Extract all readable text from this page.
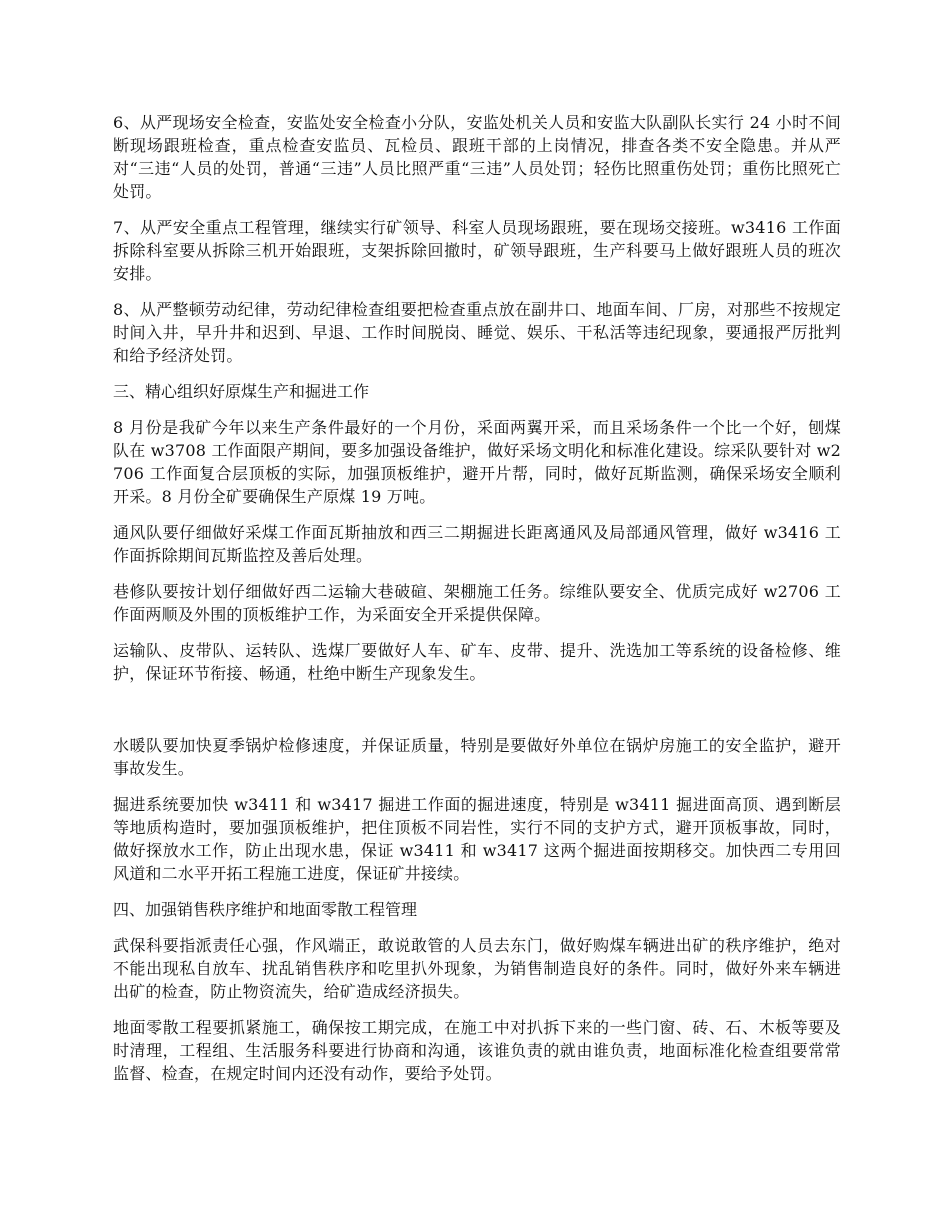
6、从严现场安全检查，安监处安全检查小分队，安监处机关人员和安监大队副队长实行 24 小时不间断现场跟班检查，重点检查安监员、瓦检员、跟班干部的上岗情况，排查各类不安全隐患。并从严对“三违“人员的处罚，普通“三违”人员比照严重“三违”人员处罚；轻伤比照重伤处罚；重伤比照死亡处罚。

7、从严安全重点工程管理，继续实行矿领导、科室人员现场跟班，要在现场交接班。w3416 工作面拆除科室要从拆除三机开始跟班，支架拆除回撤时，矿领导跟班，生产科要马上做好跟班人员的班次安排。

8、从严整顿劳动纪律，劳动纪律检查组要把检查重点放在副井口、地面车间、厂房，对那些不按规定时间入井，早升井和迟到、早退、工作时间脱岗、睡觉、娱乐、干私活等违纪现象，要通报严厉批判和给予经济处罚。

三、精心组织好原煤生产和掘进工作

8 月份是我矿今年以来生产条件最好的一个月份，采面两翼开采，而且采场条件一个比一个好，刨煤队在 w3708 工作面限产期间，要多加强设备维护，做好采场文明化和标准化建设。综采队要针对 w2706 工作面复合层顶板的实际，加强顶板维护，避开片帮，同时，做好瓦斯监测，确保采场安全顺利开采。8 月份全矿要确保生产原煤 19 万吨。

通风队要仔细做好采煤工作面瓦斯抽放和西三二期掘进长距离通风及局部通风管理，做好 w3416 工作面拆除期间瓦斯监控及善后处理。

巷修队要按计划仔细做好西二运输大巷破碹、架棚施工任务。综维队要安全、优质完成好 w2706 工作面两顺及外围的顶板维护工作，为采面安全开采提供保障。

运输队、皮带队、运转队、选煤厂要做好人车、矿车、皮带、提升、洗选加工等系统的设备检修、维护，保证环节衔接、畅通，杜绝中断生产现象发生。

水暖队要加快夏季锅炉检修速度，并保证质量，特别是要做好外单位在锅炉房施工的安全监护，避开事故发生。

掘进系统要加快 w3411 和 w3417 掘进工作面的掘进速度，特别是 w3411 掘进面高顶、遇到断层等地质构造时，要加强顶板维护，把住顶板不同岩性，实行不同的支护方式，避开顶板事故，同时，做好探放水工作，防止出现水患，保证 w3411 和 w3417 这两个掘进面按期移交。加快西二专用回风道和二水平开拓工程施工进度，保证矿井接续。

四、加强销售秩序维护和地面零散工程管理

武保科要指派责任心强，作风端正，敢说敢管的人员去东门，做好购煤车辆进出矿的秩序维护，绝对不能出现私自放车、扰乱销售秩序和吃里扒外现象，为销售制造良好的条件。同时，做好外来车辆进出矿的检查，防止物资流失，给矿造成经济损失。

地面零散工程要抓紧施工，确保按工期完成，在施工中对扒拆下来的一些门窗、砖、石、木板等要及时清理，工程组、生活服务科要进行协商和沟通，该谁负责的就由谁负责，地面标准化检查组要常常监督、检查，在规定时间内还没有动作，要给予处罚。
